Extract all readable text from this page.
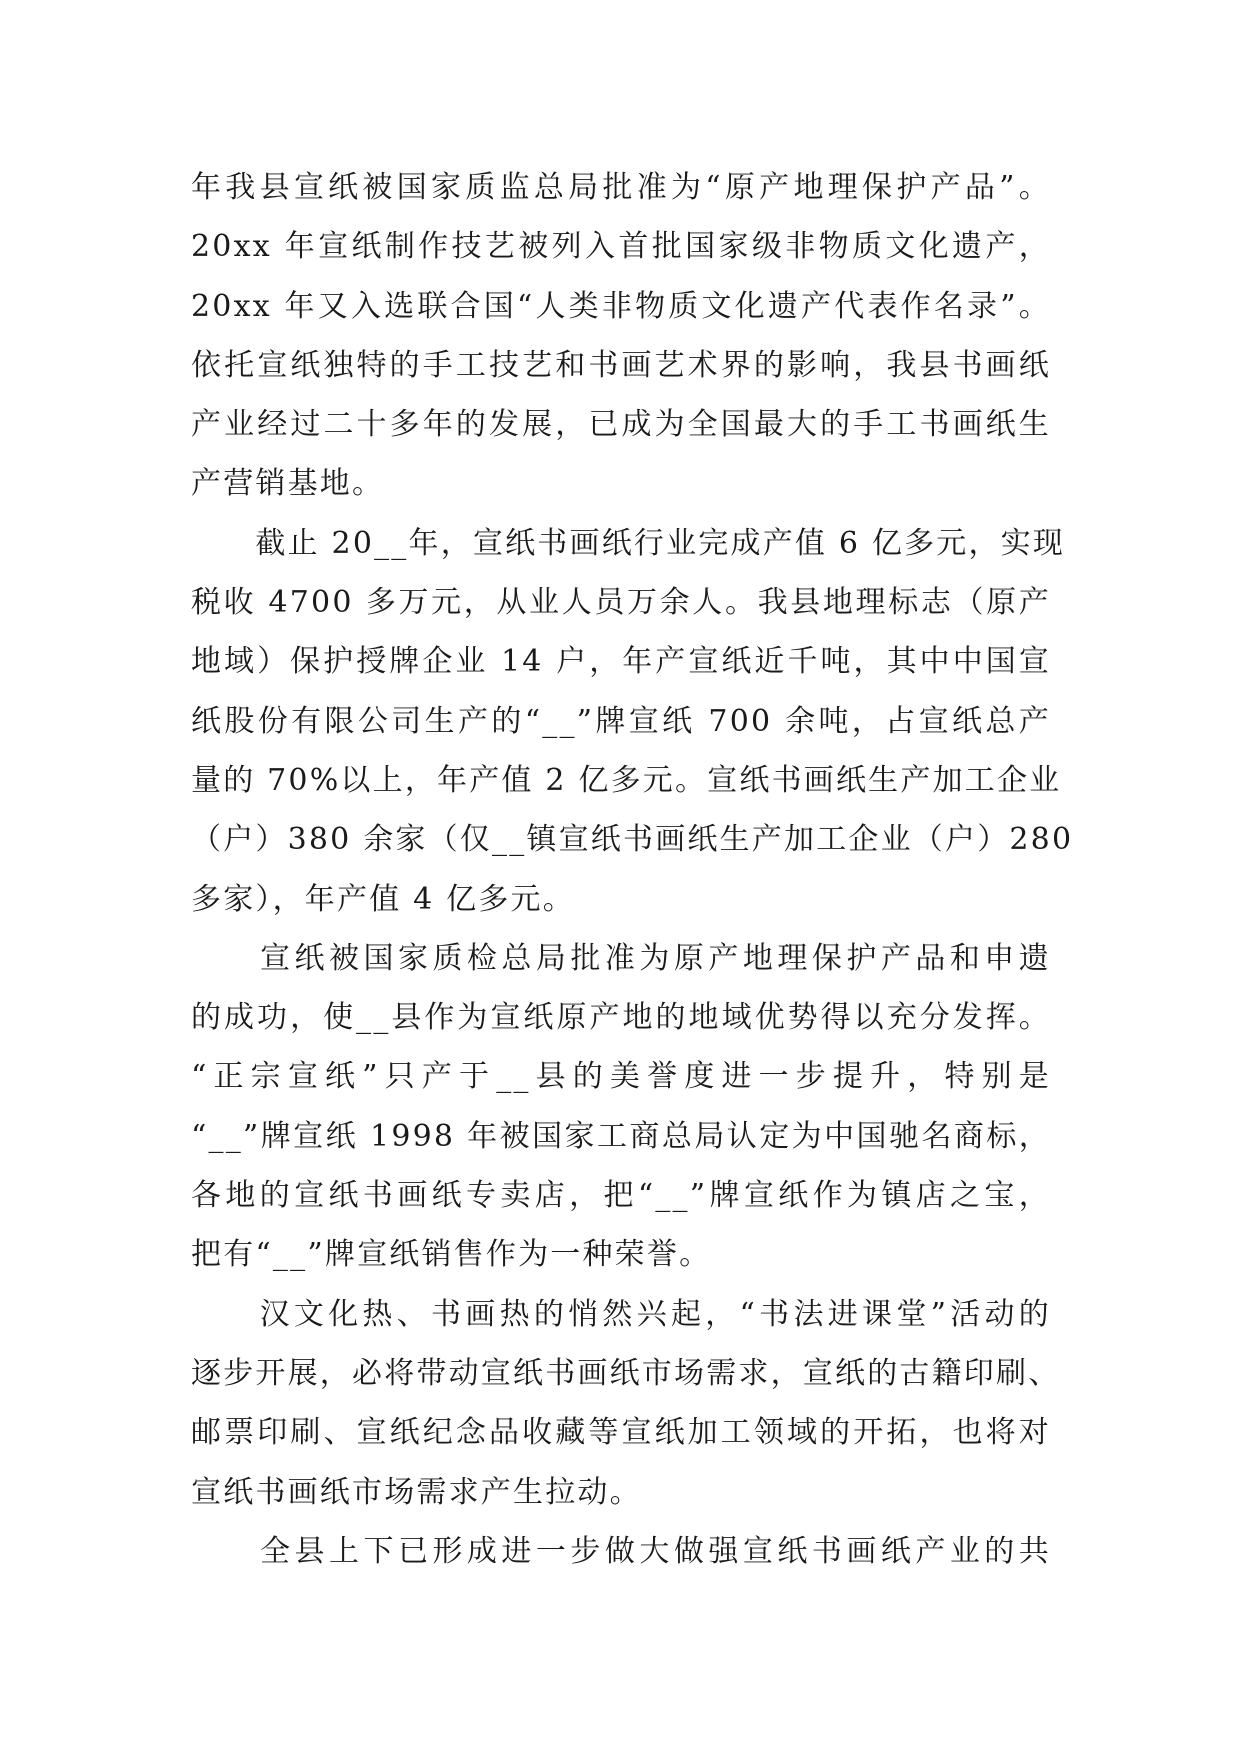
年我县宣纸被国家质监总局批准为“原产地理保护产品”。
20xx 年宣纸制作技艺被列入首批国家级非物质文化遗产，
20xx 年又入选联合国“人类非物质文化遗产代表作名录”。
依托宣纸独特的手工技艺和书画艺术界的影响，我县书画纸
产业经过二十多年的发展，已成为全国最大的手工书画纸生
产营销基地。

　　截止 20__年，宣纸书画纸行业完成产值 6 亿多元，实现
税收 4700 多万元，从业人员万余人。我县地理标志（原产
地域）保护授牌企业 14 户，年产宣纸近千吨，其中中国宣
纸股份有限公司生产的“__”牌宣纸 700 余吨，占宣纸总产
量的 70%以上，年产值 2 亿多元。宣纸书画纸生产加工企业
（户）380 余家（仅__镇宣纸书画纸生产加工企业（户）280
多家），年产值 4 亿多元。

　　宣纸被国家质检总局批准为原产地理保护产品和申遗
的成功，使__县作为宣纸原产地的地域优势得以充分发挥。
“正宗宣纸”只产于__县的美誉度进一步提升，特别是
“__”牌宣纸 1998 年被国家工商总局认定为中国驰名商标，
各地的宣纸书画纸专卖店，把“__”牌宣纸作为镇店之宝，
把有“__”牌宣纸销售作为一种荣誉。

　　汉文化热、书画热的悄然兴起，“书法进课堂”活动的
逐步开展，必将带动宣纸书画纸市场需求，宣纸的古籍印刷、
邮票印刷、宣纸纪念品收藏等宣纸加工领域的开拓，也将对
宣纸书画纸市场需求产生拉动。

　　全县上下已形成进一步做大做强宣纸书画纸产业的共
